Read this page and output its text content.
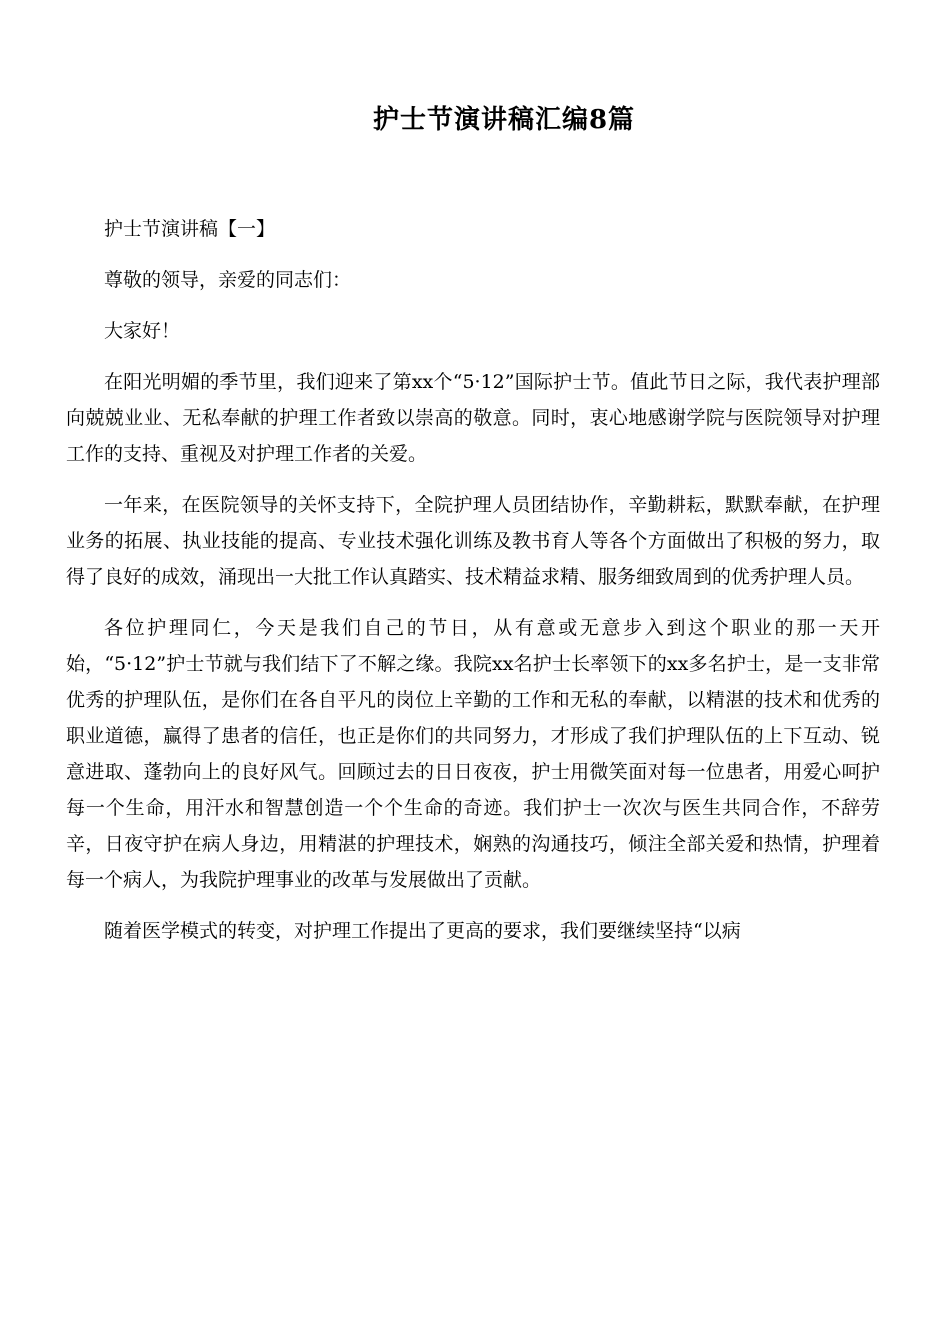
护士节演讲稿汇编8篇

护士节演讲稿【一】

尊敬的领导，亲爱的同志们：

大家好！

在阳光明媚的季节里，我们迎来了第xx个“5·12”国际护士节。值此节日之际，我代表护理部向兢兢业业、无私奉献的护理工作者致以崇高的敬意。同时，衷心地感谢学院与医院领导对护理工作的支持、重视及对护理工作者的关爱。

一年来，在医院领导的关怀支持下，全院护理人员团结协作，辛勤耕耘，默默奉献，在护理业务的拓展、执业技能的提高、专业技术强化训练及教书育人等各个方面做出了积极的努力，取得了良好的成效，涌现出一大批工作认真踏实、技术精益求精、服务细致周到的优秀护理人员。

各位护理同仁，今天是我们自己的节日，从有意或无意步入到这个职业的那一天开始，“5·12”护士节就与我们结下了不解之缘。我院xx名护士长率领下的xx多名护士，是一支非常优秀的护理队伍，是你们在各自平凡的岗位上辛勤的工作和无私的奉献，以精湛的技术和优秀的职业道德，赢得了患者的信任，也正是你们的共同努力，才形成了我们护理队伍的上下互动、锐意进取、蓬勃向上的良好风气。回顾过去的日日夜夜，护士用微笑面对每一位患者，用爱心呵护每一个生命，用汗水和智慧创造一个个生命的奇迹。我们护士一次次与医生共同合作，不辞劳辛，日夜守护在病人身边，用精湛的护理技术，娴熟的沟通技巧，倾注全部关爱和热情，护理着每一个病人，为我院护理事业的改革与发展做出了贡献。

随着医学模式的转变，对护理工作提出了更高的要求，我们要继续坚持“以病
